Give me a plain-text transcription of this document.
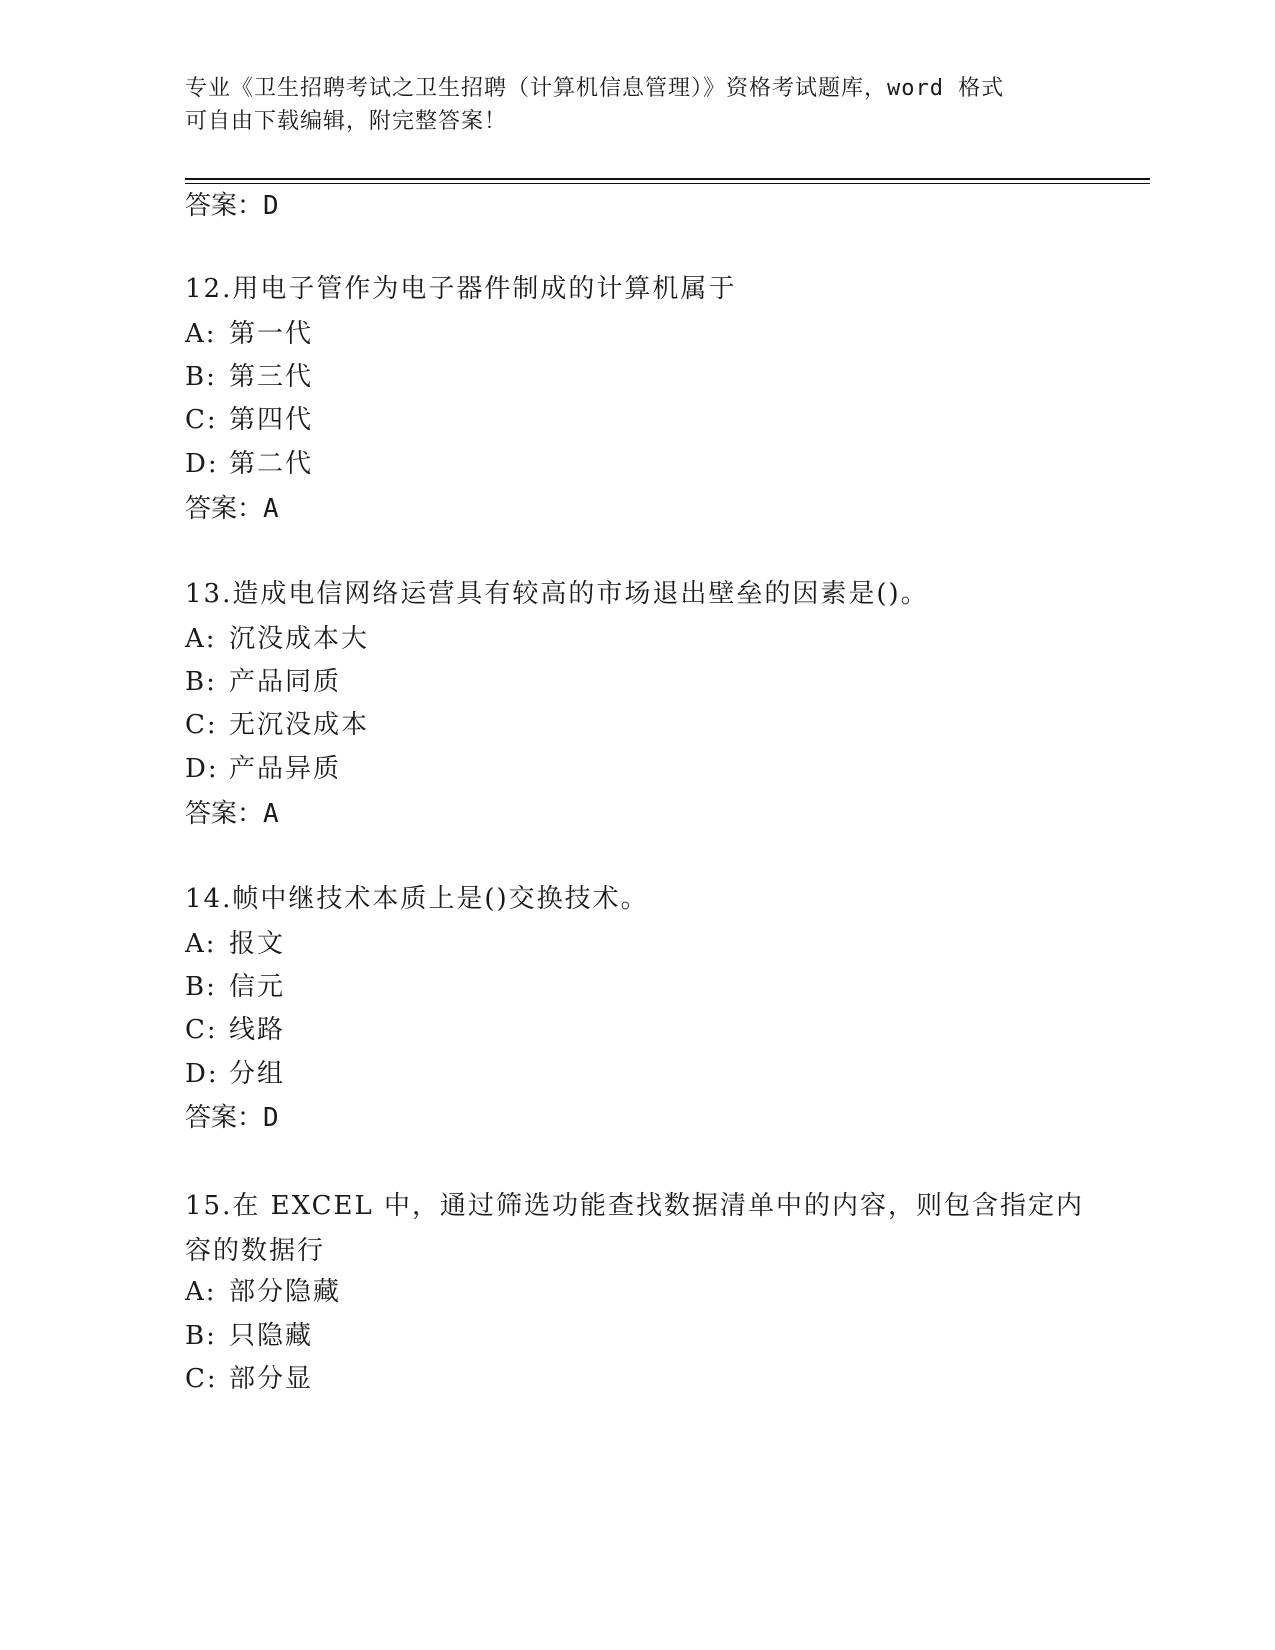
专业《卫生招聘考试之卫生招聘（计算机信息管理）》资格考试题库，word 格式
可自由下载编辑，附完整答案！
答案：D
12.用电子管作为电子器件制成的计算机属于
A: 第一代
B: 第三代
C: 第四代
D: 第二代
答案：A
13.造成电信网络运营具有较高的市场退出壁垒的因素是()。
A: 沉没成本大
B: 产品同质
C: 无沉没成本
D: 产品异质
答案：A
14.帧中继技术本质上是()交换技术。
A: 报文
B: 信元
C: 线路
D: 分组
答案：D
15.在 EXCEL 中，通过筛选功能查找数据清单中的内容，则包含指定内
容的数据行
A: 部分隐藏
B: 只隐藏
C: 部分显
